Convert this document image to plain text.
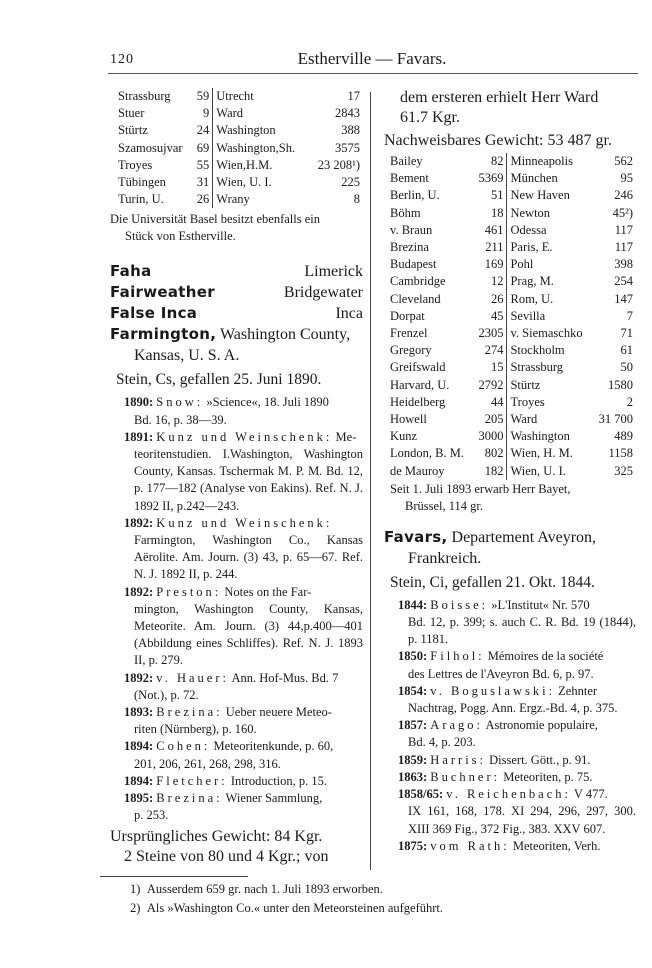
120	Estherville — Favars.
Strassburg	59	Utrecht	17
Stuer	9	Ward	2843
Stürtz	24	Washington	388
Szamosujvar	69	Washington,Sh.	3575
Troyes	55	Wien,H.M.	23 208¹)
Tübingen	31	Wien, U. I.	225
Turin, U.	26	Wrany	8
Die Universität Basel besitzt ebenfalls ein
Stück von Estherville.
Faha	Limerick
Fairweather	Bridgewater
False Inca	Inca
Farmington, Washington County,
Kansas, U. S. A.
Stein, Cs, gefallen 25. Juni 1890.
1890: Snow: »Science«, 18. Juli 1890
Bd. 16, p. 38—39.
1891: Kunz und Weinschenk: Me-
teoritenstudien. I.Washington, Washington County, Kansas. Tschermak M. P. M. Bd. 12, p. 177—182 (Analyse von Eakins). Ref. N. J. 1892 II, p.242—243.
1892: Kunz und Weinschenk:
Farmington, Washington Co., Kansas Aërolite. Am. Journ. (3) 43, p. 65—67. Ref. N. J. 1892 II, p. 244.
1892: Preston: Notes on the Far-
mington, Washington County, Kansas, Meteorite. Am. Journ. (3) 44,p.400—401 (Abbildung eines Schliffes). Ref. N. J. 1893 II, p. 279.
1892: v. Hauer: Ann. Hof-Mus. Bd. 7
(Not.), p. 72.
1893: Brezina: Ueber neuere Meteo-
riten (Nürnberg), p. 160.
1894: Cohen: Meteoritenkunde, p. 60,
201, 206, 261, 268, 298, 316.
1894: Fletcher: Introduction, p. 15.
1895: Brezina: Wiener Sammlung,
p. 253.
Ursprüngliches Gewicht: 84 Kgr.
2 Steine von 80 und 4 Kgr.; von
dem ersteren erhielt Herr Ward
61.7 Kgr.
Nachweisbares Gewicht: 53 487 gr.
Bailey	82	Minneapolis	562
Bement	5369	München	95
Berlin, U.	51	New Haven	246
Böhm	18	Newton	45²)
v. Braun	461	Odessa	117
Brezina	211	Paris, E.	117
Budapest	169	Pohl	398
Cambridge	12	Prag, M.	254
Cleveland	26	Rom, U.	147
Dorpat	45	Sevilla	7
Frenzel	2305	v. Siemaschko	71
Gregory	274	Stockholm	61
Greifswald	15	Strassburg	50
Harvard, U.	2792	Stürtz	1580
Heidelberg	44	Troyes	2
Howell	205	Ward	31 700
Kunz	3000	Washington	489
London, B. M.	802	Wien, H. M.	1158
de Mauroy	182	Wien, U. I.	325
Seit 1. Juli 1893 erwarb Herr Bayet,
Brüssel, 114 gr.
Favars, Departement Aveyron,
Frankreich.
Stein, Ci, gefallen 21. Okt. 1844.
1844: Boisse: »L'Institut« Nr. 570
Bd. 12, p. 399; s. auch C. R. Bd. 19 (1844), p. 1181.
1850: Filhol: Mémoires de la société
des Lettres de l'Aveyron Bd. 6, p. 97.
1854: v. Boguslawski: Zehnter
Nachtrag, Pogg. Ann. Ergz.-Bd. 4, p. 375.
1857: Arago: Astronomie populaire,
Bd. 4, p. 203.
1859: Harris: Dissert. Gött., p. 91.
1863: Buchner: Meteoriten, p. 75.
1858/65: v. Reichenbach: V 477.
IX 161, 168, 178. XI 294, 296, 297, 300. XIII 369 Fig., 372 Fig., 383. XXV 607.
1875: vom Rath: Meteoriten, Verh.
1) Ausserdem 659 gr. nach 1. Juli 1893 erworben.
2) Als »Washington Co.« unter den Meteorsteinen aufgeführt.
